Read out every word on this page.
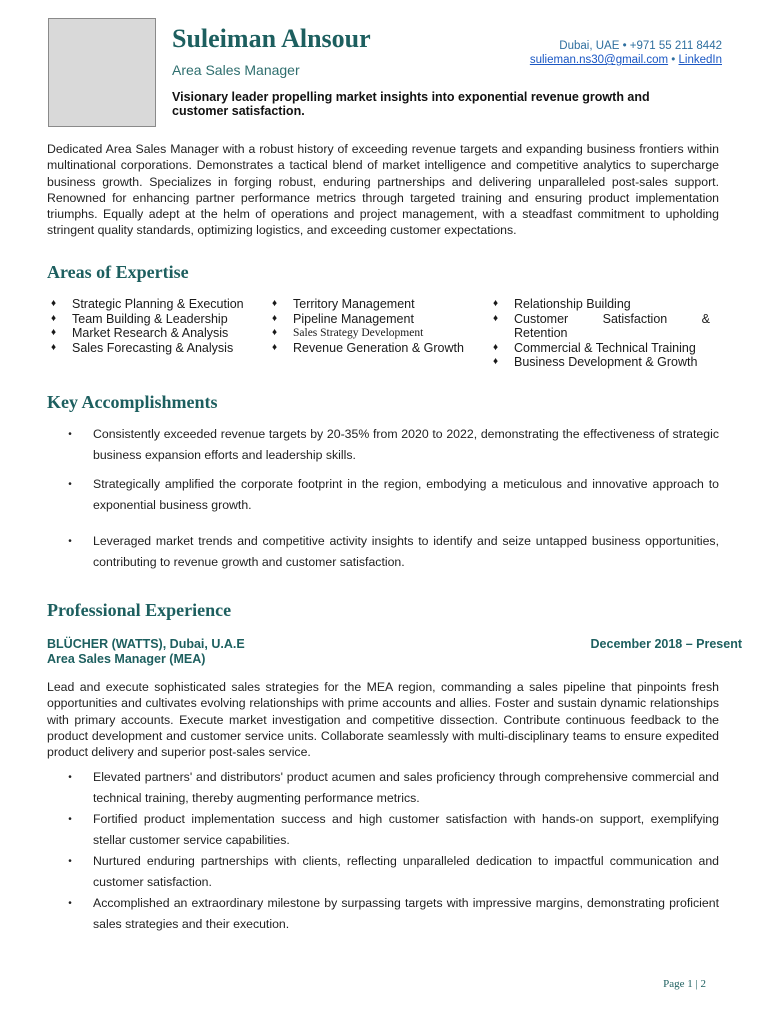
Suleiman Alnsour
Area Sales Manager
Dubai, UAE • +971 55 211 8442
sulieman.ns30@gmail.com • LinkedIn
Visionary leader propelling market insights into exponential revenue growth and customer satisfaction.
Dedicated Area Sales Manager with a robust history of exceeding revenue targets and expanding business frontiers within multinational corporations. Demonstrates a tactical blend of market intelligence and competitive analytics to supercharge business growth. Specializes in forging robust, enduring partnerships and delivering unparalleled post-sales support. Renowned for enhancing partner performance metrics through targeted training and ensuring product implementation triumphs. Equally adept at the helm of operations and project management, with a steadfast commitment to upholding stringent quality standards, optimizing logistics, and exceeding customer expectations.
Areas of Expertise
♦	Strategic Planning & Execution
♦	Team Building & Leadership
♦	Market Research & Analysis
♦	Sales Forecasting & Analysis
♦	Territory Management
♦	Pipeline Management
♦	Sales Strategy Development
♦	Revenue Generation & Growth
♦	Relationship Building
♦	Customer	Satisfaction	&
Retention
♦	Commercial & Technical Training
♦	Business Development & Growth
Key Accomplishments
•	Consistently exceeded revenue targets by 20-35% from 2020 to 2022, demonstrating the effectiveness of strategic business expansion efforts and leadership skills.
•	Strategically amplified the corporate footprint in the region, embodying a meticulous and innovative approach to exponential business growth.
•	Leveraged market trends and competitive activity insights to identify and seize untapped business opportunities, contributing to revenue growth and customer satisfaction.
Professional Experience
BLÜCHER (WATTS), Dubai, U.A.E	December 2018 – Present
Area Sales Manager (MEA)
Lead and execute sophisticated sales strategies for the MEA region, commanding a sales pipeline that pinpoints fresh opportunities and cultivates evolving relationships with prime accounts and allies. Foster and sustain dynamic relationships with primary accounts. Execute market investigation and competitive dissection. Contribute continuous feedback to the product development and customer service units. Collaborate seamlessly with multi-disciplinary teams to ensure expedited product delivery and superior post-sales service.
•	Elevated partners' and distributors' product acumen and sales proficiency through comprehensive commercial and technical training, thereby augmenting performance metrics.
•	Fortified product implementation success and high customer satisfaction with hands-on support, exemplifying stellar customer service capabilities.
•	Nurtured enduring partnerships with clients, reflecting unparalleled dedication to impactful communication and customer satisfaction.
•	Accomplished an extraordinary milestone by surpassing targets with impressive margins, demonstrating proficient sales strategies and their execution.
Page 1 | 2
